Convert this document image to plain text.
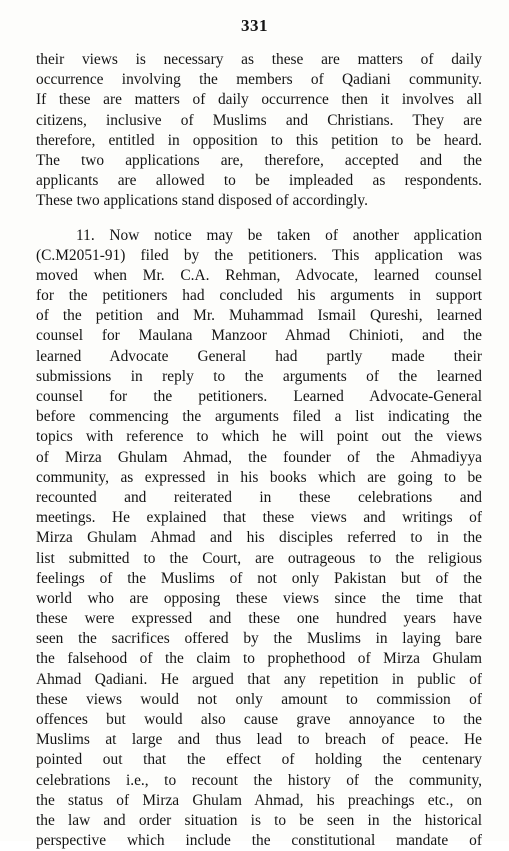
331
their views is necessary as these are matters of daily
occurrence involving the members of Qadiani community.
If these are matters of daily occurrence then it involves all
citizens, inclusive of Muslims and Christians. They are
therefore, entitled in opposition to this petition to be heard.
The two applications are, therefore, accepted and the
applicants are allowed to be impleaded as respondents.
These two applications stand disposed of accordingly.
11. Now notice may be taken of another application
(C.M2051-91) filed by the petitioners. This application was
moved when Mr. C.A. Rehman, Advocate, learned counsel
for the petitioners had concluded his arguments in support
of the petition and Mr. Muhammad Ismail Qureshi, learned
counsel for Maulana Manzoor Ahmad Chinioti, and the
learned Advocate General had partly made their
submissions in reply to the arguments of the learned
counsel for the petitioners. Learned Advocate-General
before commencing the arguments filed a list indicating the
topics with reference to which he will point out the views
of Mirza Ghulam Ahmad, the founder of the Ahmadiyya
community, as expressed in his books which are going to be
recounted and reiterated in these celebrations and
meetings. He explained that these views and writings of
Mirza Ghulam Ahmad and his disciples referred to in the
list submitted to the Court, are outrageous to the religious
feelings of the Muslims of not only Pakistan but of the
world who are opposing these views since the time that
these were expressed and these one hundred years have
seen the sacrifices offered by the Muslims in laying bare
the falsehood of the claim to prophethood of Mirza Ghulam
Ahmad Qadiani. He argued that any repetition in public of
these views would not only amount to commission of
offences but would also cause grave annoyance to the
Muslims at large and thus lead to breach of peace. He
pointed out that the effect of holding the centenary
celebrations i.e., to recount the history of the community,
the status of Mirza Ghulam Ahmad, his preachings etc., on
the law and order situation is to be seen in the historical
perspective which include the constitutional mandate of
